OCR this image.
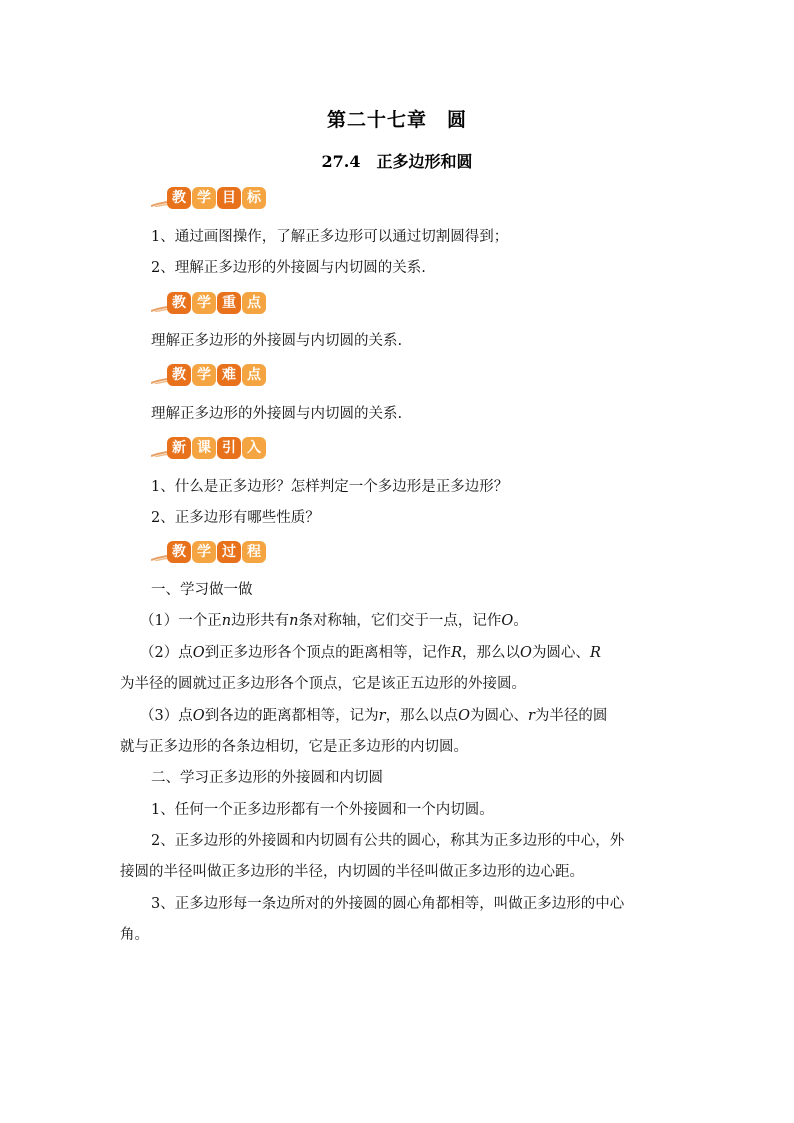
第二十七章　圆
27.4　正多边形和圆
教 学 目 标
1、通过画图操作，了解正多边形可以通过切割圆得到；
2、理解正多边形的外接圆与内切圆的关系.
教 学 重 点
理解正多边形的外接圆与内切圆的关系.
教 学 难 点
理解正多边形的外接圆与内切圆的关系.
新 课 引 入
1、什么是正多边形？怎样判定一个多边形是正多边形？
2、正多边形有哪些性质？
教 学 过 程
一、学习做一做
（1）一个正n边形共有n条对称轴，它们交于一点，记作O。
（2）点O到正多边形各个顶点的距离相等，记作R，那么以O为圆心、R
为半径的圆就过正多边形各个顶点，它是该正五边形的外接圆。
（3）点O到各边的距离都相等，记为r，那么以点O为圆心、r为半径的圆
就与正多边形的各条边相切，它是正多边形的内切圆。
二、学习正多边形的外接圆和内切圆
1、任何一个正多边形都有一个外接圆和一个内切圆。
2、正多边形的外接圆和内切圆有公共的圆心，称其为正多边形的中心，外
接圆的半径叫做正多边形的半径，内切圆的半径叫做正多边形的边心距。
3、正多边形每一条边所对的外接圆的圆心角都相等，叫做正多边形的中心
角。
